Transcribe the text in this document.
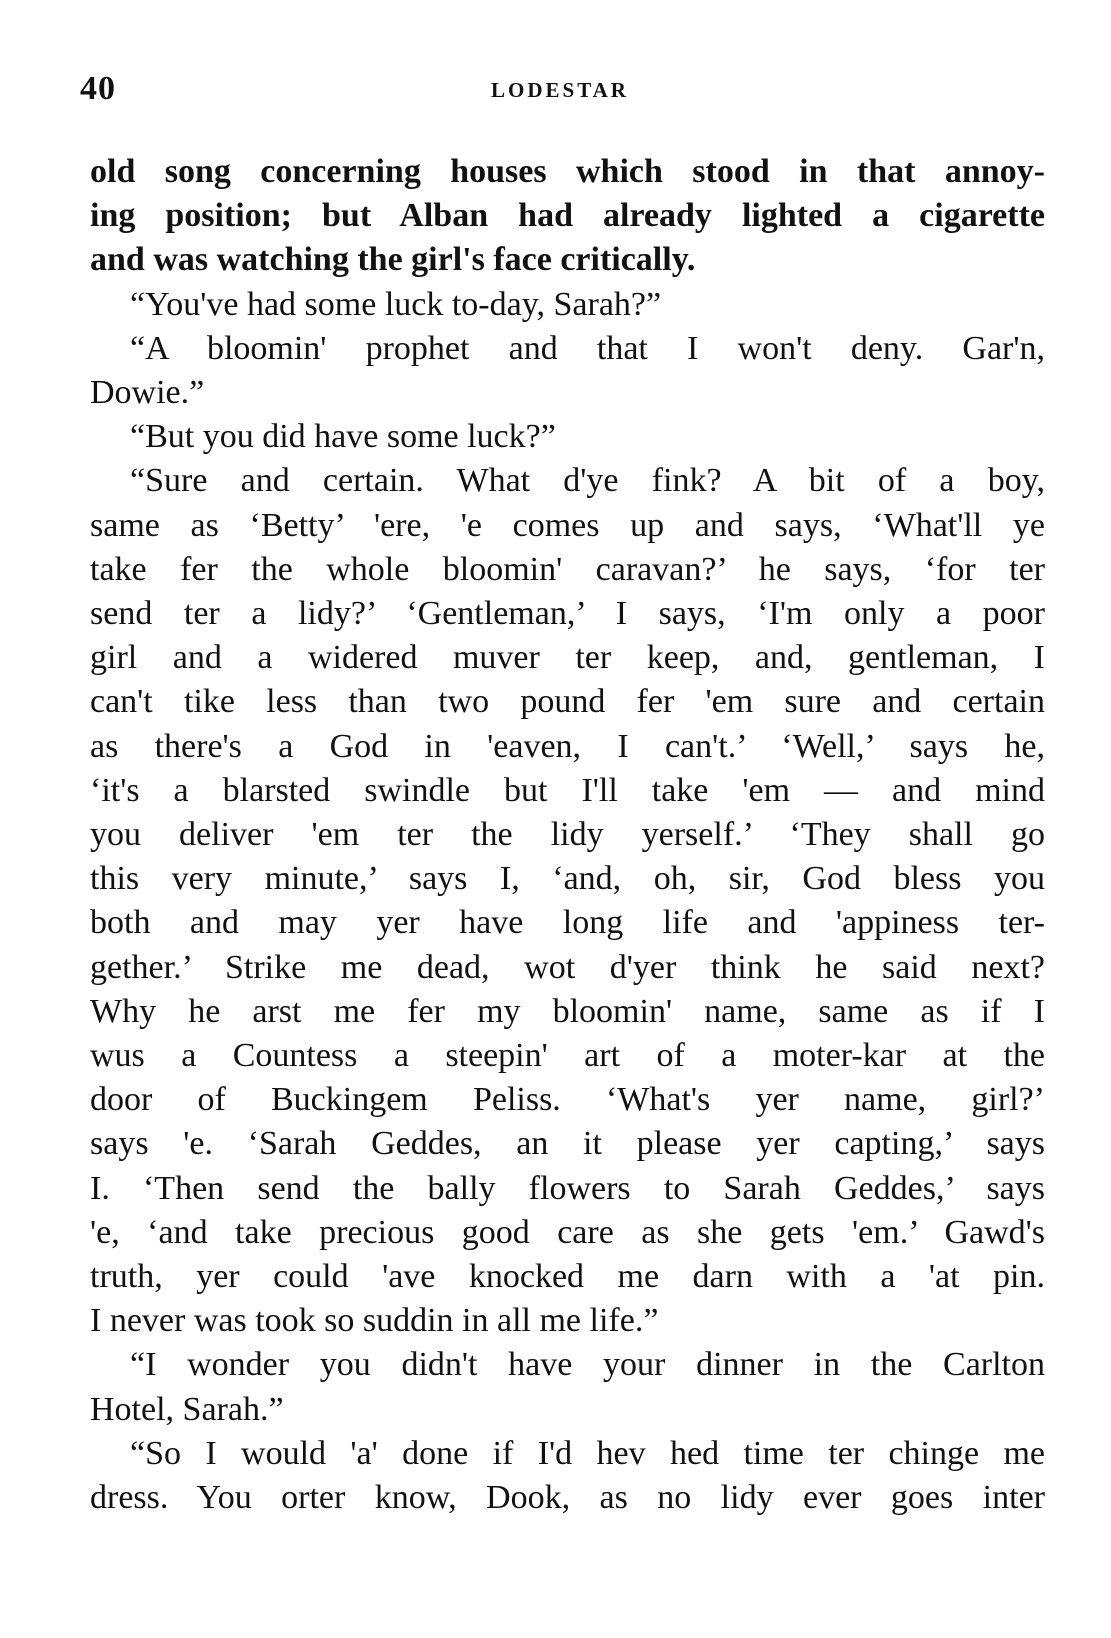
40	LODESTAR
old song concerning houses which stood in that annoy-
ing position; but Alban had already lighted a cigarette
and was watching the girl's face critically.
“You've had some luck to-day, Sarah?”
“A bloomin' prophet and that I won't deny. Gar'n,
Dowie.”
“But you did have some luck?”
“Sure and certain. What d'ye fink? A bit of a boy,
same as ‘Betty’ 'ere, 'e comes up and says, ‘What'll ye
take fer the whole bloomin' caravan?’ he says, ‘for ter
send ter a lidy?’ ‘Gentleman,’ I says, ‘I'm only a poor
girl and a widered muver ter keep, and, gentleman, I
can't tike less than two pound fer 'em sure and certain
as there's a God in 'eaven, I can't.’ ‘Well,’ says he,
‘it's a blarsted swindle but I'll take 'em — and mind
you deliver 'em ter the lidy yerself.’ ‘They shall go
this very minute,’ says I, ‘and, oh, sir, God bless you
both and may yer have long life and 'appiness ter-
gether.’ Strike me dead, wot d'yer think he said next?
Why he arst me fer my bloomin' name, same as if I
wus a Countess a steepin' art of a moter-kar at the
door of Buckingem Peliss. ‘What's yer name, girl?’
says 'e. ‘Sarah Geddes, an it please yer capting,’ says
I. ‘Then send the bally flowers to Sarah Geddes,’ says
'e, ‘and take precious good care as she gets 'em.’ Gawd's
truth, yer could 'ave knocked me darn with a 'at pin.
I never was took so suddin in all me life.”
“I wonder you didn't have your dinner in the Carlton
Hotel, Sarah.”
“So I would 'a' done if I'd hev hed time ter chinge me
dress. You orter know, Dook, as no lidy ever goes inter
